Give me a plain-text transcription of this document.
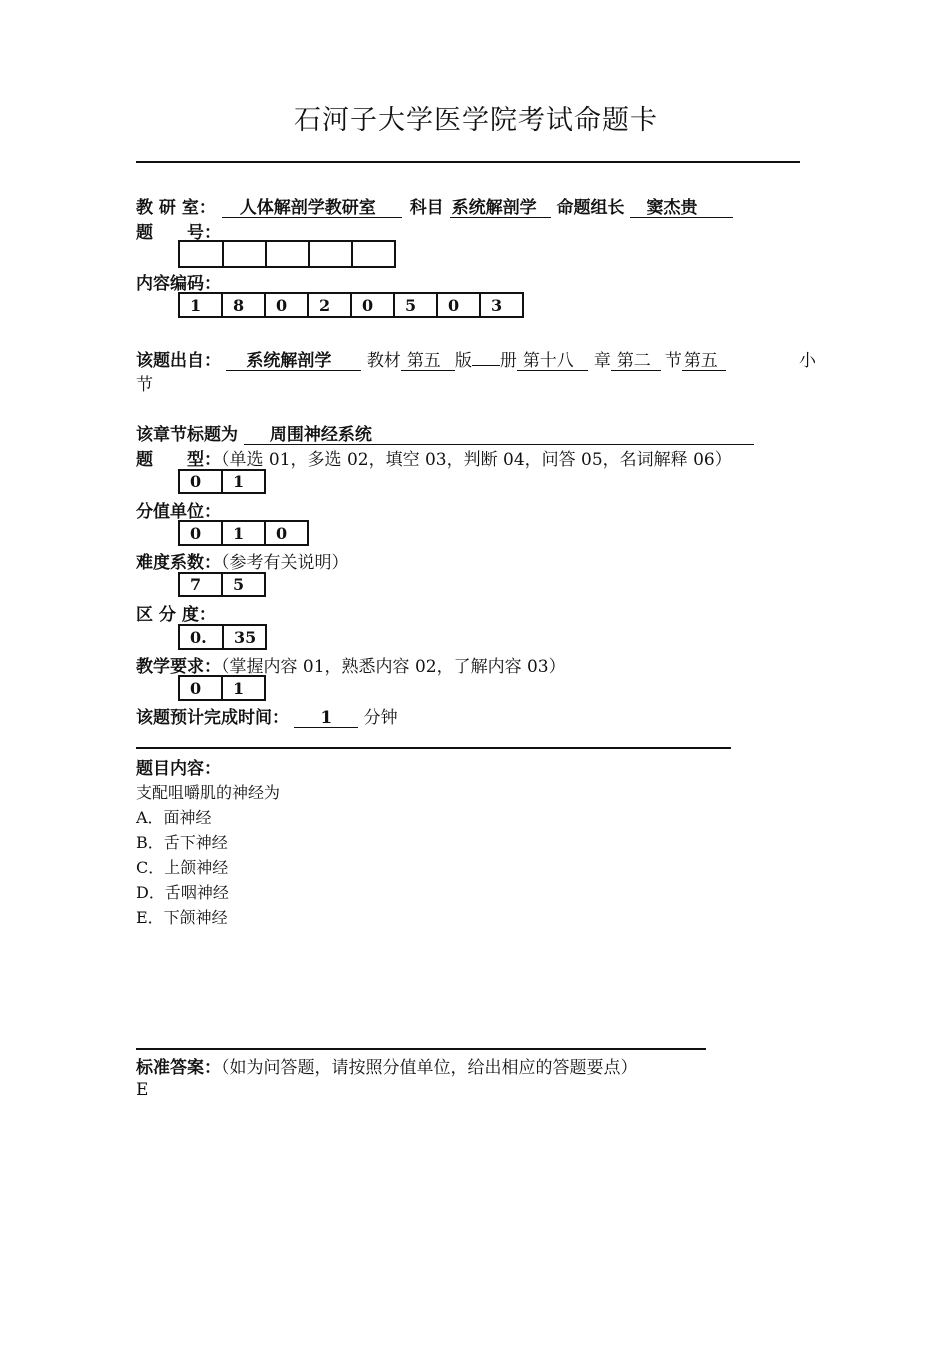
石河子大学医学院考试命题卡
教 研 室： 人体解剖学教研室 科目 系统解剖学 命题组长 窦杰贵
题　　号：
内容编码：
1	8	0	2	0	5	0	3
该题出自： 系统解剖学 教材 第五 版 册 第十八 章 第二 节 第五	小
节
该章节标题为 周围神经系统
题　　型：（单选 01，多选 02，填空 03，判断 04，问答 05，名词解释 06）
0	1
分值单位：
0	1	0
难度系数：（参考有关说明）
7	5
区 分 度：
0.	35
教学要求：（掌握内容 01，熟悉内容 02，了解内容 03）
0	1
该题预计完成时间： 1 分钟
题目内容：
支配咀嚼肌的神经为
A．面神经
B．舌下神经
C．上颌神经
D．舌咽神经
E．下颌神经
标准答案：（如为问答题，请按照分值单位，给出相应的答题要点）
E
